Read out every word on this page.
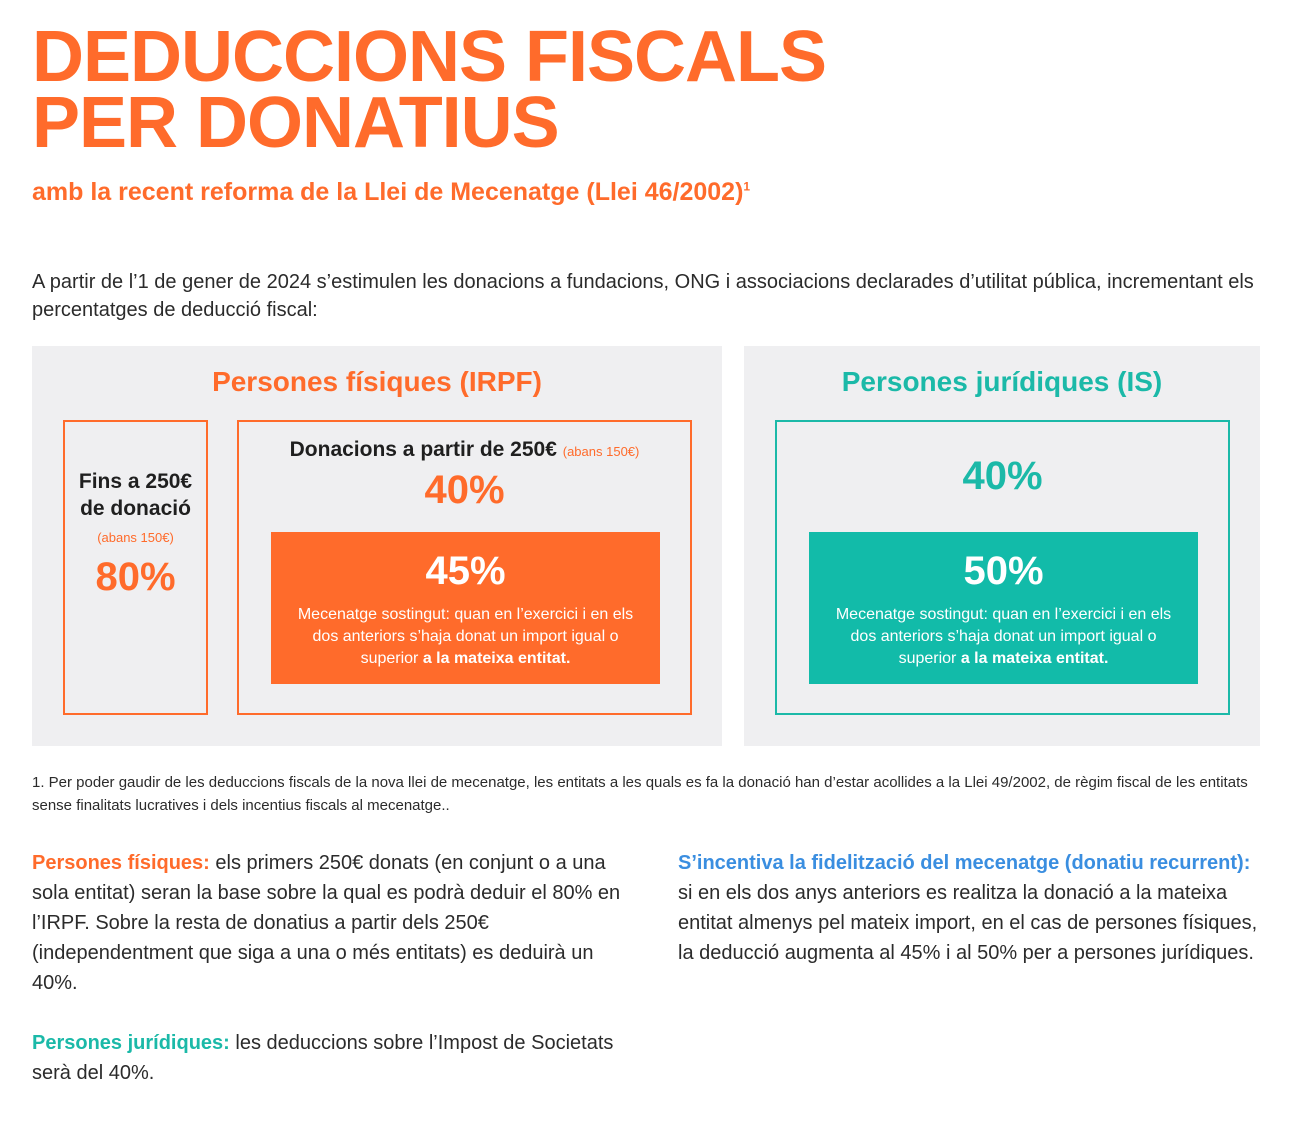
DEDUCCIONS FISCALS
PER DONATIUS
amb la recent reforma de la Llei de Mecenatge (Llei 46/2002)$^1$
A partir de l’1 de gener de 2024 s’estimulen les donacions a fundacions, ONG i associacions declarades d’utilitat pública, incrementant els percentatges de deducció fiscal:
Persones físiques (IRPF)
Fins a 250€ de donació
(abans 150€)
80%
Donacions a partir de 250€ (abans 150€)
40%
45%
Mecenatge sostingut: quan en l’exercici i en els dos anteriors s’haja donat un import igual o superior a la mateixa entitat.
Persones jurídiques (IS)
40%
50%
Mecenatge sostingut: quan en l’exercici i en els dos anteriors s’haja donat un import igual o superior a la mateixa entitat.
1. Per poder gaudir de les deduccions fiscals de la nova llei de mecenatge, les entitats a les quals es fa la donació han d’estar acollides a la Llei 49/2002, de règim fiscal de les entitats sense finalitats lucratives i dels incentius fiscals al mecenatge..

Persones físiques: els primers 250€ donats (en conjunt o a una sola entitat) seran la base sobre la qual es podrà deduir el 80% en l’IRPF. Sobre la resta de donatius a partir dels 250€ (independentment que siga a una o més entitats) es deduirà un 40%.

Persones jurídiques: les deduccions sobre l’Impost de Societats serà del 40%.

S’incentiva la fidelització del mecenatge (donatiu recurrent): si en els dos anys anteriors es realitza la donació a la mateixa entitat almenys pel mateix import, en el cas de persones físiques, la deducció augmenta al 45% i al 50% per a persones jurídiques.
